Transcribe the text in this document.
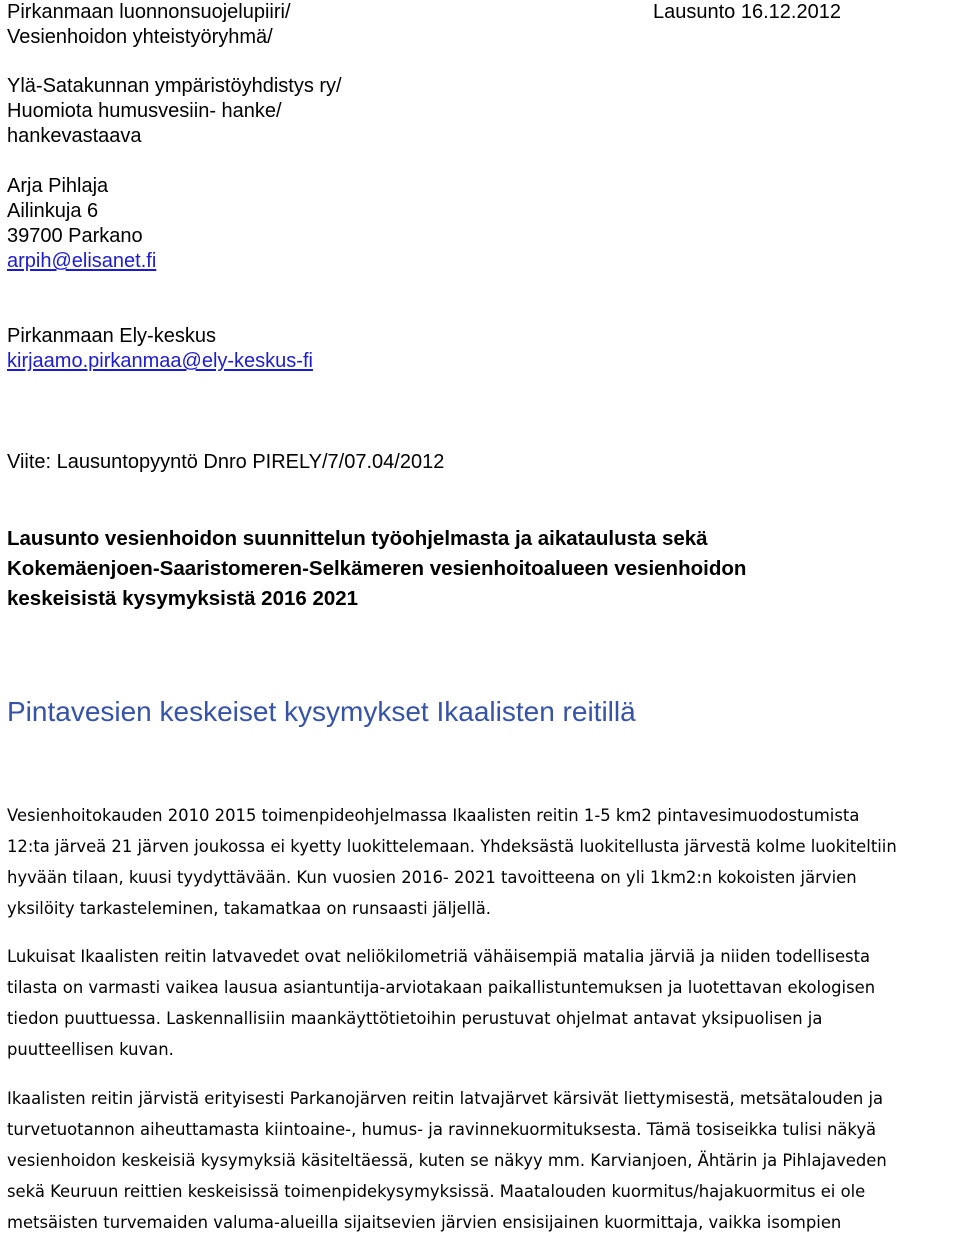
Pirkanmaan luonnonsuojelupiiri/	Lausunto 16.12.2012
Vesienhoidon yhteistyöryhmä/
Ylä-Satakunnan ympäristöyhdistys ry/
Huomiota humusvesiin- hanke/
hankevastaava
Arja Pihlaja
Ailinkuja 6
39700 Parkano
arpih@elisanet.fi
Pirkanmaan Ely-keskus
kirjaamo.pirkanmaa@ely-keskus-fi
Viite: Lausuntopyyntö Dnro PIRELY/7/07.04/2012
Lausunto vesienhoidon suunnittelun työohjelmasta ja aikataulusta sekä
Kokemäenjoen-Saaristomeren-Selkämeren vesienhoitoalueen vesienhoidon
keskeisistä kysymyksistä 2016 2021
Pintavesien keskeiset kysymykset Ikaalisten reitillä
Vesienhoitokauden 2010 2015 toimenpideohjelmassa Ikaalisten reitin 1-5 km2 pintavesimuodostumista
12:ta järveä 21 järven joukossa ei kyetty luokittelemaan. Yhdeksästä luokitellusta järvestä kolme luokiteltiin
hyvään tilaan, kuusi tyydyttävään. Kun vuosien 2016- 2021 tavoitteena on yli 1km2:n kokoisten järvien
yksilöity tarkasteleminen, takamatkaa on runsaasti jäljellä.
Lukuisat Ikaalisten reitin latvavedet ovat neliökilometriä vähäisempiä matalia järviä ja niiden todellisesta
tilasta on varmasti vaikea lausua asiantuntija-arviotakaan paikallistuntemuksen ja luotettavan ekologisen
tiedon puuttuessa. Laskennallisiin maankäyttötietoihin perustuvat ohjelmat antavat yksipuolisen ja
puutteellisen kuvan.
Ikaalisten reitin järvistä erityisesti Parkanojärven reitin latvajärvet kärsivät liettymisestä, metsätalouden ja
turvetuotannon aiheuttamasta kiintoaine-, humus- ja ravinnekuormituksesta. Tämä tosiseikka tulisi näkyä
vesienhoidon keskeisiä kysymyksiä käsiteltäessä, kuten se näkyy mm. Karvianjoen, Ähtärin ja Pihlajaveden
sekä Keuruun reittien keskeisissä toimenpidekysymyksissä. Maatalouden kuormitus/hajakuormitus ei ole
metsäisten turvemaiden valuma-alueilla sijaitsevien järvien ensisijainen kuormittaja, vaikka isompien
